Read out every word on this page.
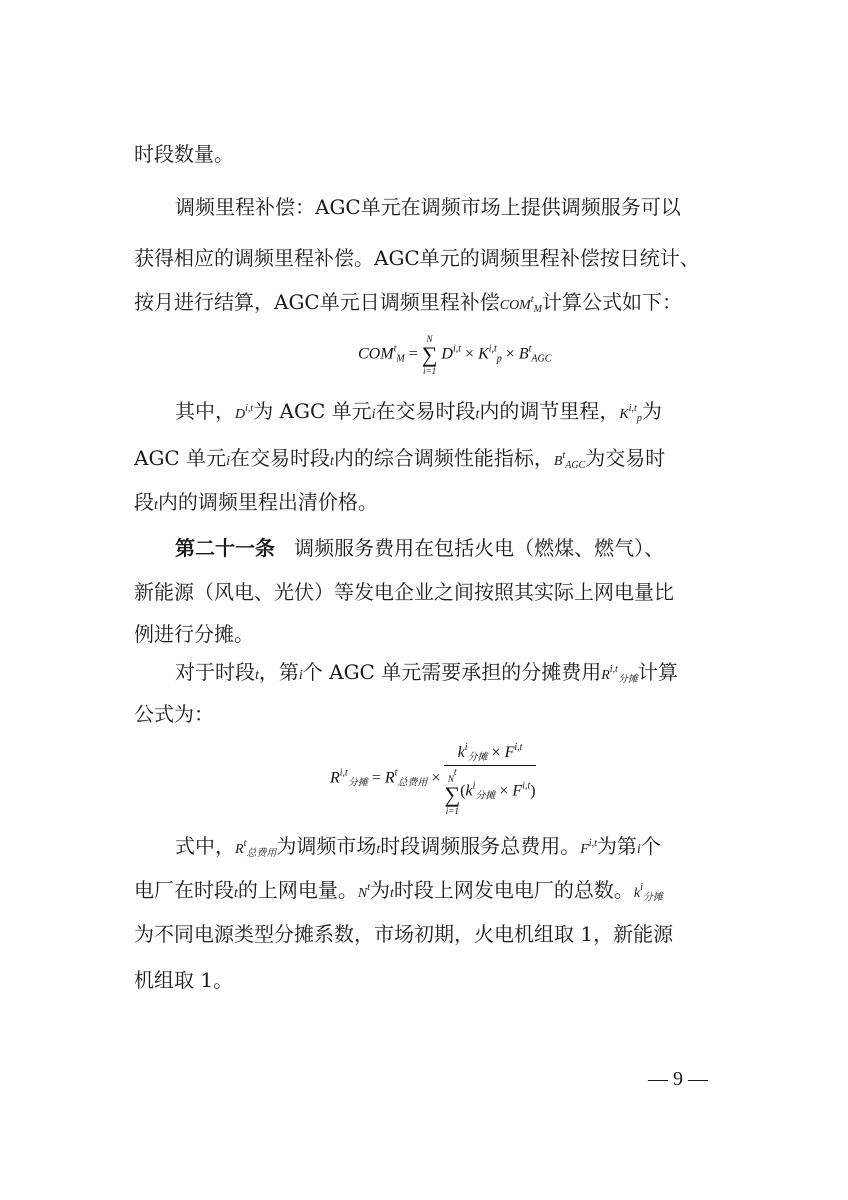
时段数量。
调频里程补偿：AGC单元在调频市场上提供调频服务可以
获得相应的调频里程补偿。AGC单元的调频里程补偿按日统计、
按月进行结算，AGC单元日调频里程补偿$COM^t_M$计算公式如下：
$COM^t_M$ =
N
∑
i=1
$D^{i,t} \times K^{i,t}_p \times B^t_{AGC}$
其中，D$^{i,t}$为 AGC 单元i在交易时段t内的调节里程，K$^{i,t}_p$为
AGC 单元i在交易时段t内的综合调频性能指标，$B^t_{AGC}$为交易时
段t内的调频里程出清价格。
第二十一条 调频服务费用在包括火电（燃煤、燃气）、
新能源（风电、光伏）等发电企业之间按照其实际上网电量比
例进行分摊。
对于时段t，第i个 AGC 单元需要承担的分摊费用R$^{i,t}_{分摊}$计算
公式为：
$R^{i,t}_{分摊} = R^t_{总费用} \times k^i_{分摊} \times F^{i,t}$
Nt
∑
i=1
$(k^i_{分摊} \times F^{i,t})$
式中，$R^t_{总费用}$为调频市场t时段调频服务总费用。F$^{i,t}$为第i个
电厂在时段t的上网电量。$N^t$为t时段上网发电电厂的总数。$k^i_{分摊}$
为不同电源类型分摊系数，市场初期，火电机组取 1，新能源
机组取 1。
— 9 —
